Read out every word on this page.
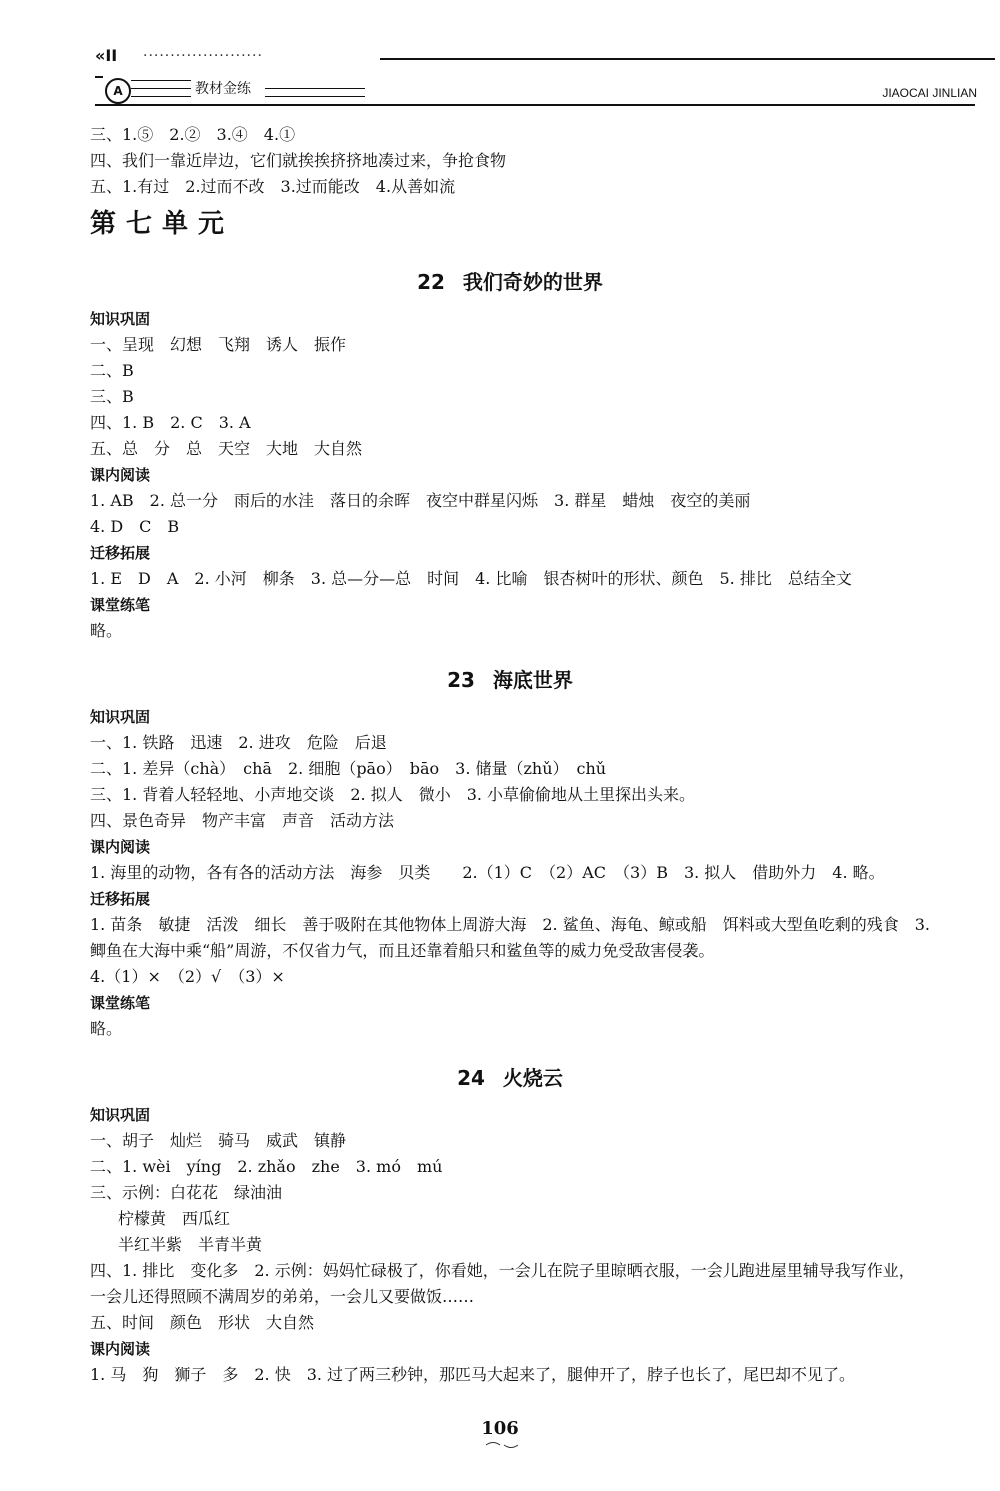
«II ......................
A	教材金练	JIAOCAI JINLIAN
三、1.⑤　2.②　3.④　4.①
四、我们一靠近岸边，它们就挨挨挤挤地凑过来，争抢食物
五、1.有过　2.过而不改　3.过而能改　4.从善如流
第七单元
22 我们奇妙的世界
知识巩固
一、呈现　幻想　飞翔　诱人　振作
二、B
三、B
四、1. B　2. C　3. A
五、总　分　总　天空　大地　大自然
课内阅读
1. AB　2. 总一分　雨后的水洼　落日的余晖　夜空中群星闪烁　3. 群星　蜡烛　夜空的美丽
4. D　C　B
迁移拓展
1. E　D　A　2. 小河　柳条　3. 总—分—总　时间　4. 比喻　银杏树叶的形状、颜色　5. 排比　总结全文
课堂练笔
略。
23 海底世界
知识巩固
一、1. 铁路　迅速　2. 进攻　危险　后退
二、1. 差异（chà）　chā　2. 细胞（pāo）　bāo　3. 储量（zhǔ）　chǔ
三、1. 背着人轻轻地、小声地交谈　2. 拟人　微小　3. 小草偷偷地从土里探出头来。
四、景色奇异　物产丰富　声音　活动方法
课内阅读
1. 海里的动物，各有各的活动方法　海参　贝类　　2.（1）C　（2）AC　（3）B　3. 拟人　借助外力　4. 略。
迁移拓展
1. 苗条　敏捷　活泼　细长　善于吸附在其他物体上周游大海　2. 鲨鱼、海龟、鲸或船　饵料或大型鱼吃剩的残食　3. 鲫鱼在大海中乘“船”周游，不仅省力气，而且还靠着船只和鲨鱼等的威力免受敌害侵袭。
4.（1）×　（2）√　（3）×
课堂练笔
略。
24 火烧云
知识巩固
一、胡子　灿烂　骑马　威武　镇静
二、1. wèi　yíng　2. zhǎo　zhe　3. mó　mú
三、示例：白花花　绿油油
柠檬黄　西瓜红
半红半紫　半青半黄
四、1. 排比　变化多　2. 示例：妈妈忙碌极了，你看她，一会儿在院子里晾晒衣服，一会儿跑进屋里辅导我写作业，一会儿还得照顾不满周岁的弟弟，一会儿又要做饭……
五、时间　颜色　形状　大自然
课内阅读
1. 马　狗　狮子　多　2. 快　3. 过了两三秒钟，那匹马大起来了，腿伸开了，脖子也长了，尾巴却不见了。
106
